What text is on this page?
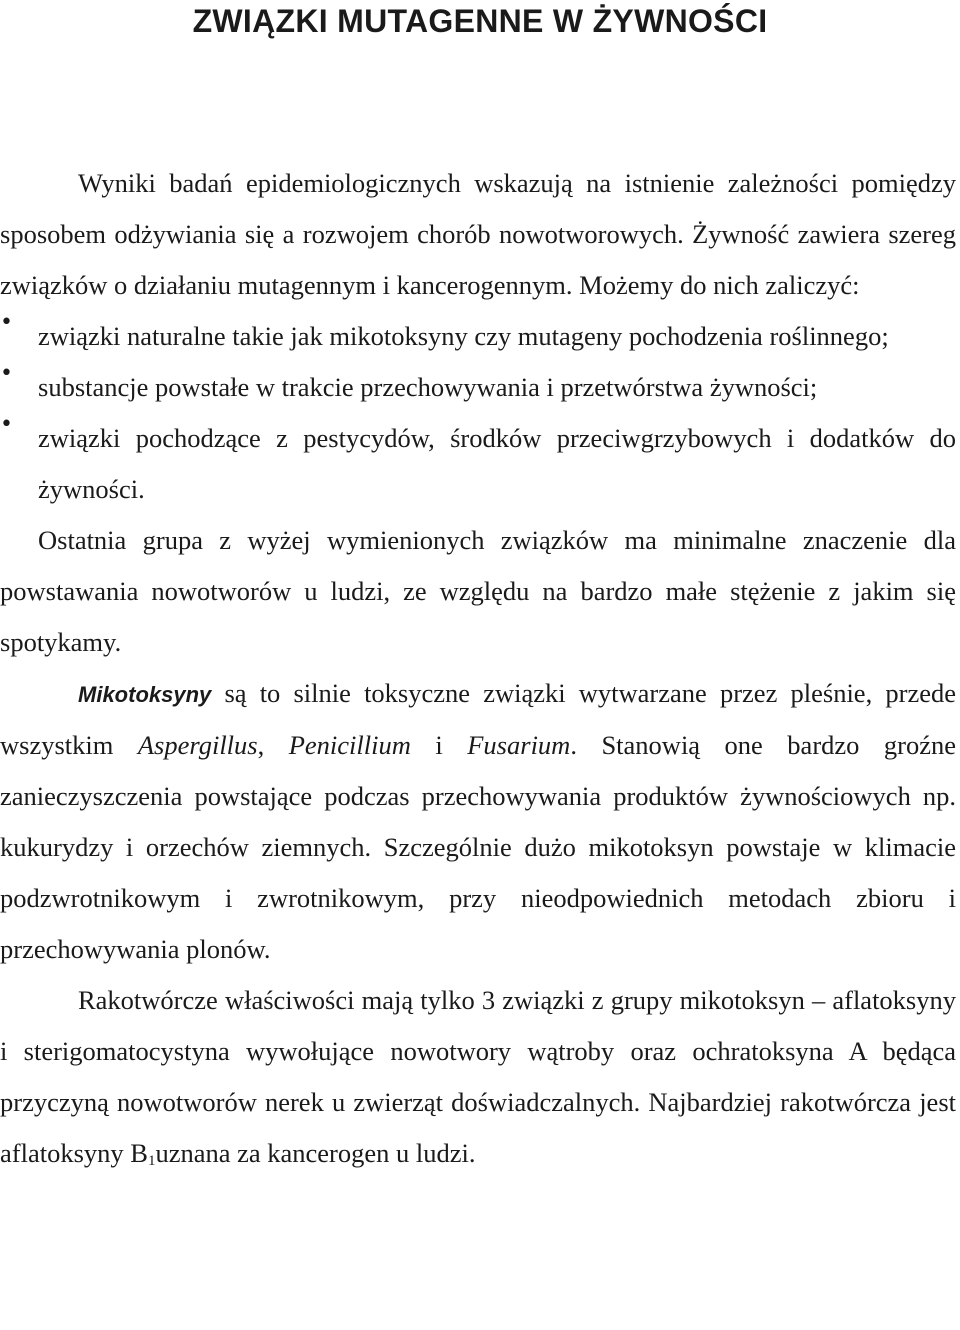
ZWIĄZKI MUTAGENNE W ŻYWNOŚCI

Wyniki badań epidemiologicznych wskazują na istnienie zależności pomiędzy sposobem odżywiania się a rozwojem chorób nowotworowych. Żywność zawiera szereg związków o działaniu mutagennym i kancerogennym. Możemy do nich zaliczyć:

• związki naturalne takie jak mikotoksyny czy mutageny pochodzenia roślinnego;
• substancje powstałe w trakcie przechowywania i przetwórstwa żywności;
• związki pochodzące z pestycydów, środków przeciwgrzybowych i dodatków do żywności.

Ostatnia grupa z wyżej wymienionych związków ma minimalne znaczenie dla powstawania nowotworów u ludzi, ze względu na bardzo małe stężenie z jakim się spotykamy.

Mikotoksyny są to silnie toksyczne związki wytwarzane przez pleśnie, przede wszystkim Aspergillus, Penicillium i Fusarium. Stanowią one bardzo groźne zanieczyszczenia powstające podczas przechowywania produktów żywnościowych np. kukurydzy i orzechów ziemnych. Szczególnie dużo mikotoksyn powstaje w klimacie podzwrotnikowym i zwrotnikowym, przy nieodpowiednich metodach zbioru i przechowywania plonów.

Rakotwórcze właściwości mają tylko 3 związki z grupy mikotoksyn – aflatoksyny i sterigomatocystyna wywołujące nowotwory wątroby oraz ochratoksyna A będąca przyczyną nowotworów nerek u zwierząt doświadczalnych. Najbardziej rakotwórcza jest aflatoksyny $B_1uznana$ za kancerogen u ludzi.
